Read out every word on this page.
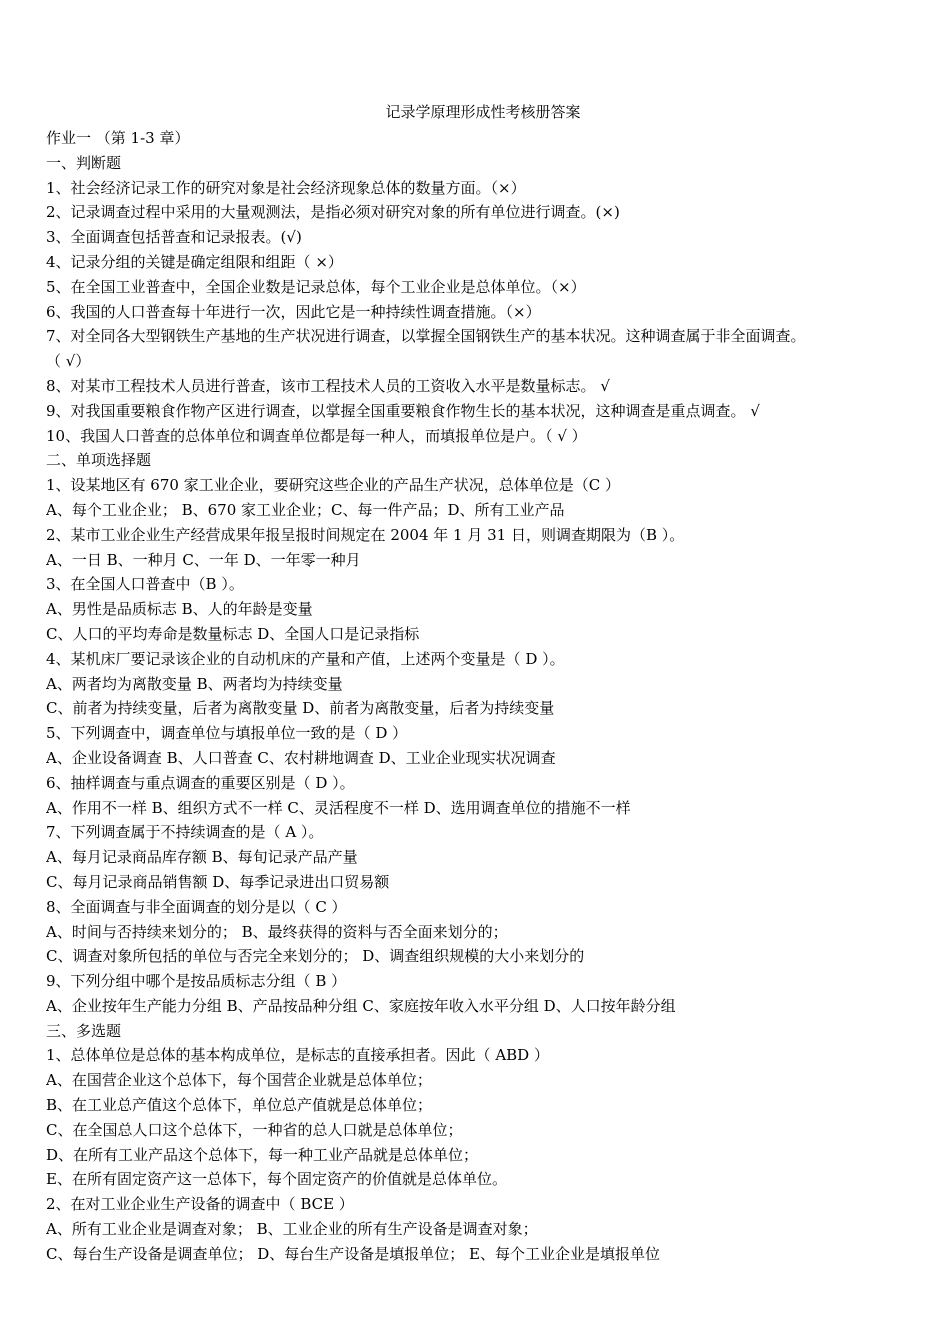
记录学原理形成性考核册答案
作业一 （第 1-3 章）
一、判断题
1、社会经济记录工作的研究对象是社会经济现象总体的数量方面。（×）
2、记录调查过程中采用的大量观测法，是指必须对研究对象的所有单位进行调查。(×)
3、全面调查包括普查和记录报表。(√)
4、记录分组的关键是确定组限和组距（ ×）
5、在全国工业普查中，全国企业数是记录总体，每个工业企业是总体单位。（×）
6、我国的人口普查每十年进行一次，因此它是一种持续性调查措施。（×）
7、对全同各大型钢铁生产基地的生产状况进行调查，以掌握全国钢铁生产的基本状况。这种调查属于非全面调查。
（ √）
8、对某市工程技术人员进行普查，该市工程技术人员的工资收入水平是数量标志。 √
9、对我国重要粮食作物产区进行调查，以掌握全国重要粮食作物生长的基本状况，这种调查是重点调查。 √
10、我国人口普查的总体单位和调查单位都是每一种人，而填报单位是户。（ √ ）
二、单项选择题
1、设某地区有 670 家工业企业，要研究这些企业的产品生产状况，总体单位是（C ）
A、每个工业企业； B、670 家工业企业；C、每一件产品；D、所有工业产品
2、某市工业企业生产经营成果年报呈报时间规定在 2004 年 1 月 31 日，则调查期限为（B ）。
A、一日 B、一种月 C、一年 D、一年零一种月
3、在全国人口普查中（B ）。
A、男性是品质标志 B、人的年龄是变量
C、人口的平均寿命是数量标志 D、全国人口是记录指标
4、某机床厂要记录该企业的自动机床的产量和产值，上述两个变量是（ D ）。
A、两者均为离散变量 B、两者均为持续变量
C、前者为持续变量，后者为离散变量 D、前者为离散变量，后者为持续变量
5、下列调查中，调查单位与填报单位一致的是（ D ）
A、企业设备调查 B、人口普查 C、农村耕地调查 D、工业企业现实状况调查
6、抽样调查与重点调查的重要区别是（ D ）。
A、作用不一样 B、组织方式不一样 C、灵活程度不一样 D、选用调查单位的措施不一样
7、下列调查属于不持续调查的是（ A ）。
A、每月记录商品库存额 B、每旬记录产品产量
C、每月记录商品销售额 D、每季记录进出口贸易额
8、全面调查与非全面调查的划分是以（ C ）
A、时间与否持续来划分的； B、最终获得的资料与否全面来划分的；
C、调查对象所包括的单位与否完全来划分的； D、调查组织规模的大小来划分的
9、下列分组中哪个是按品质标志分组（ B ）
A、企业按年生产能力分组 B、产品按品种分组 C、家庭按年收入水平分组 D、人口按年龄分组
三、多选题
1、总体单位是总体的基本构成单位，是标志的直接承担者。因此（ ABD ）
A、在国营企业这个总体下，每个国营企业就是总体单位；
B、在工业总产值这个总体下，单位总产值就是总体单位；
C、在全国总人口这个总体下，一种省的总人口就是总体单位；
D、在所有工业产品这个总体下，每一种工业产品就是总体单位；
E、在所有固定资产这一总体下，每个固定资产的价值就是总体单位。
2、在对工业企业生产设备的调查中（ BCE ）
A、所有工业企业是调查对象； B、工业企业的所有生产设备是调查对象；
C、每台生产设备是调查单位； D、每台生产设备是填报单位； E、每个工业企业是填报单位
